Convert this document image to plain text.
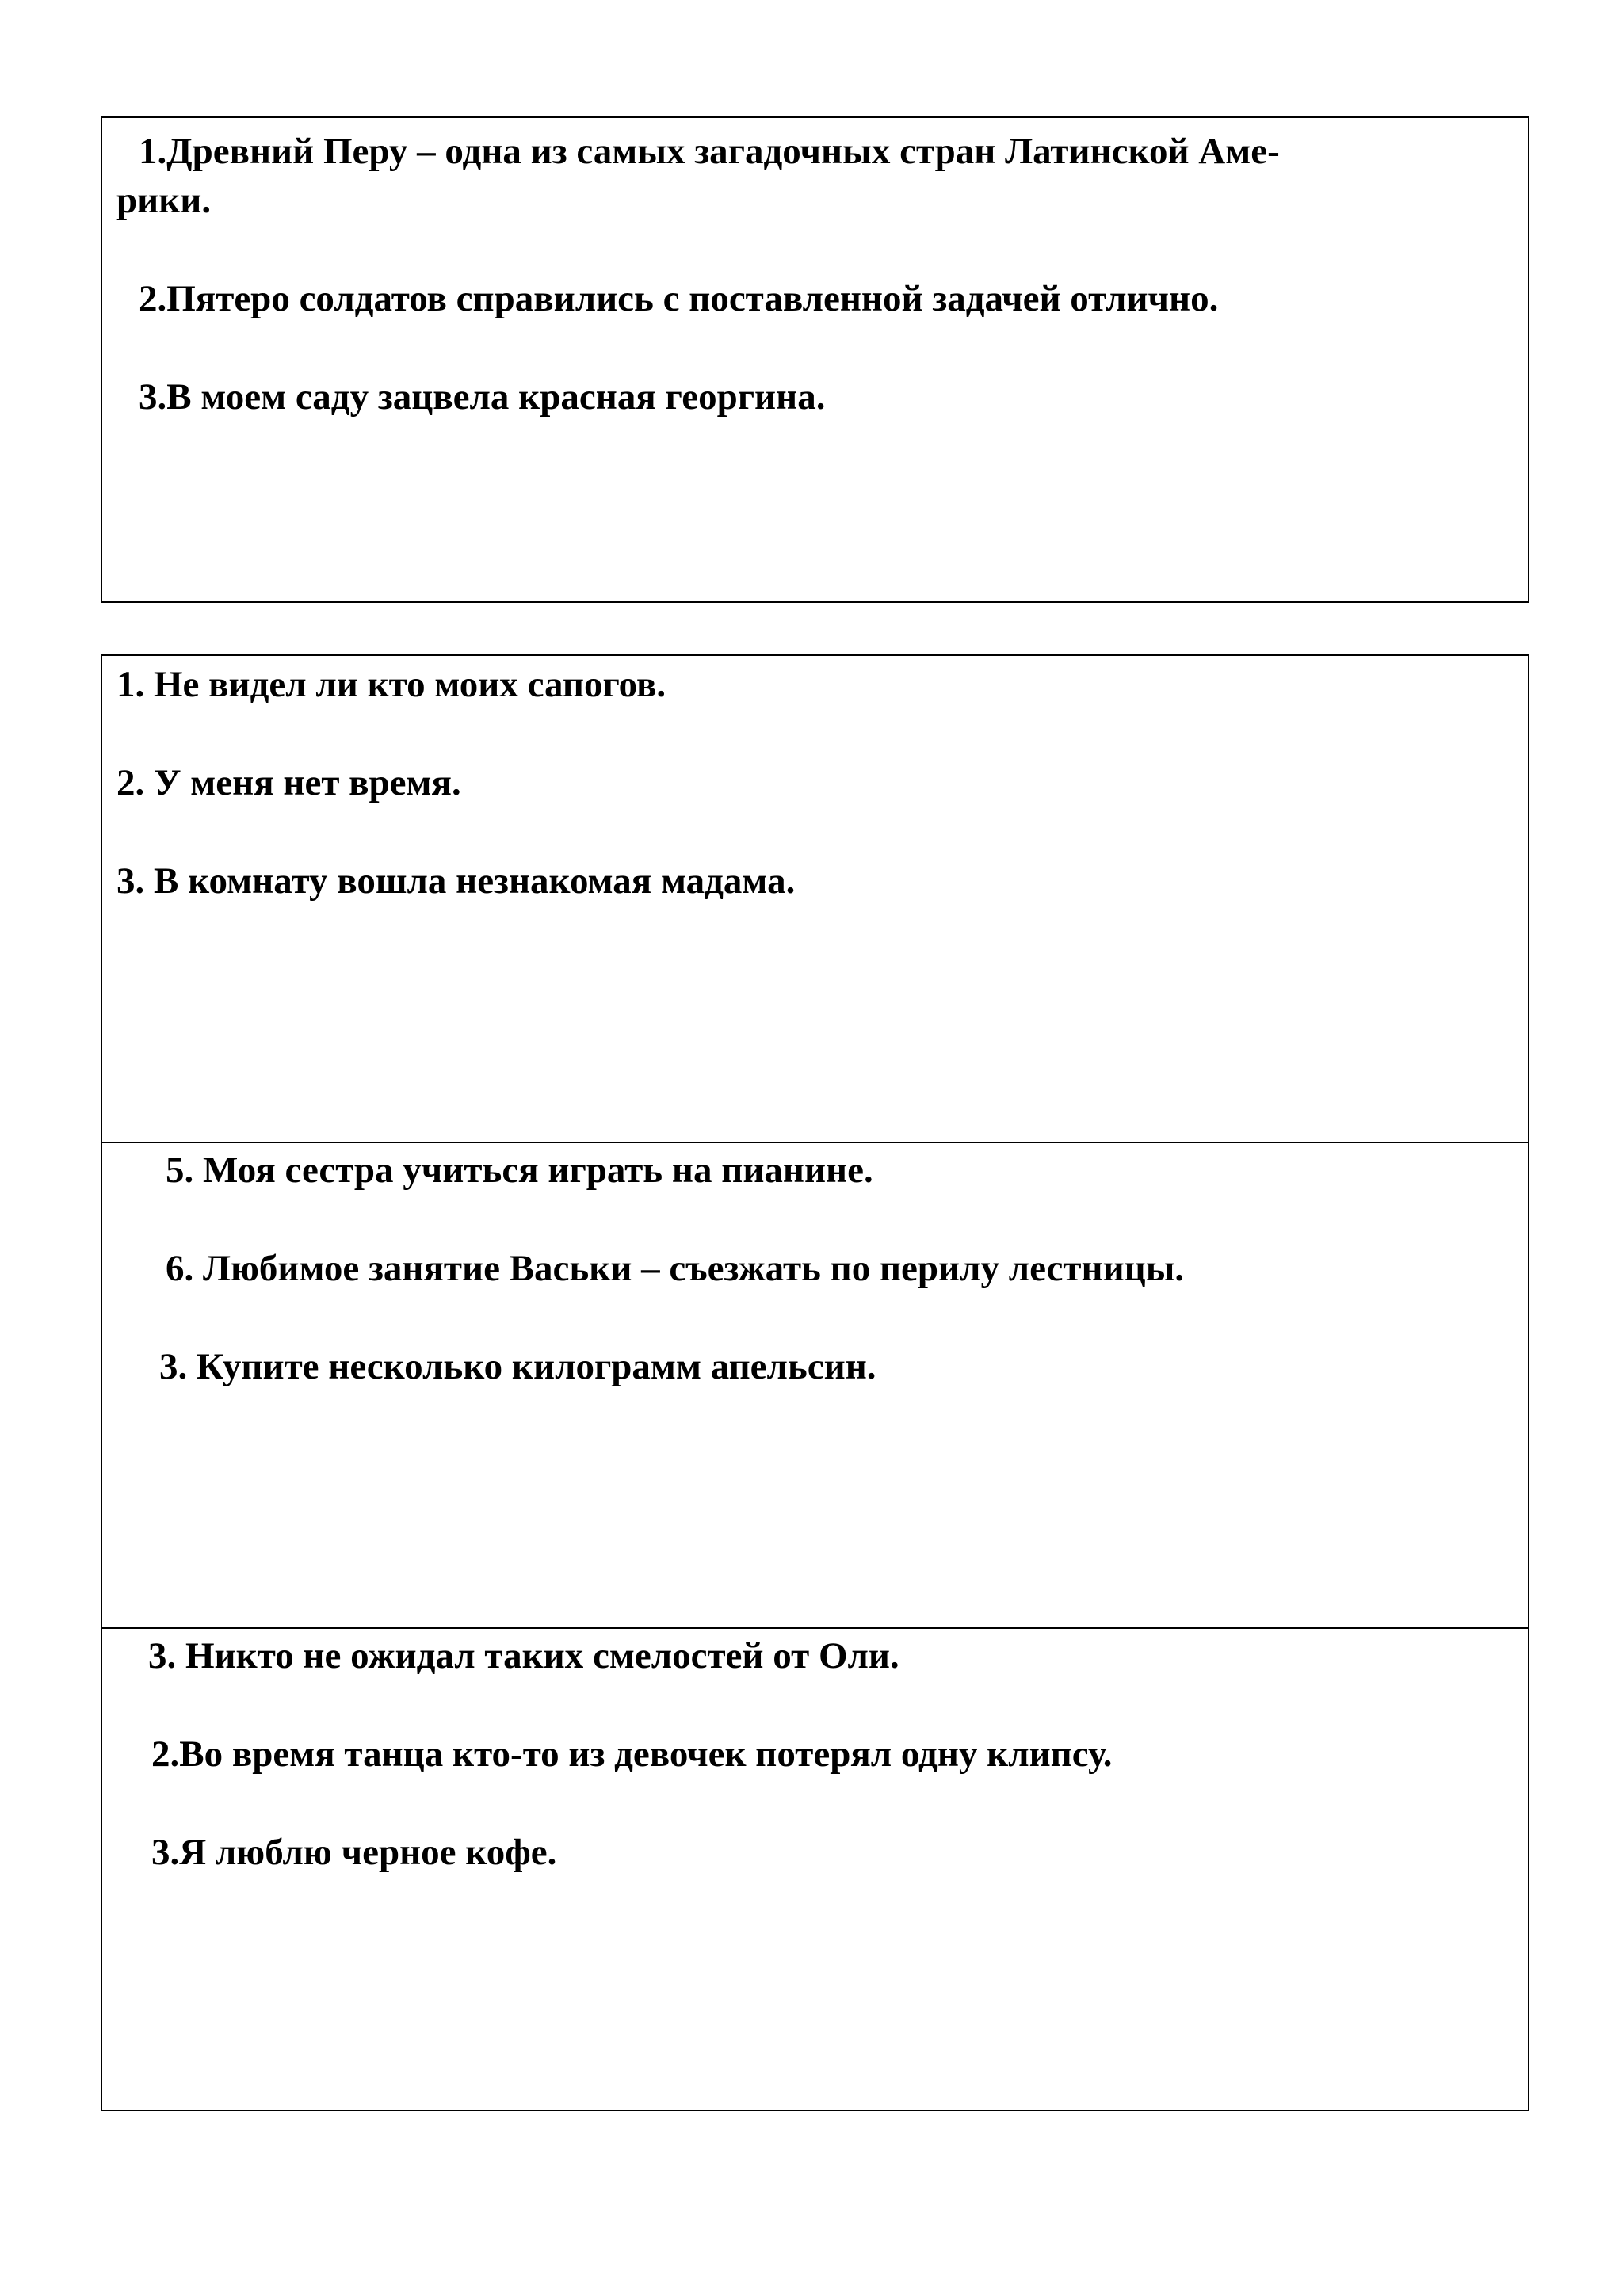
1.Древний Перу – одна из самых загадочных стран Латинской Аме-
рики.
2.Пятеро солдатов справились с поставленной задачей отлично.
3.В моем саду зацвела красная георгина.
1. Не видел ли кто моих сапогов.
2. У меня нет время.
3. В комнату вошла незнакомая мадама.
5. Моя сестра учиться играть на пианине.
6. Любимое занятие Васьки – съезжать по перилу лестницы.
3. Купите несколько килограмм апельсин.
3. Никто не ожидал таких смелостей от Оли.
2.Во время танца кто-то из девочек потерял одну клипсу.
3.Я люблю черное кофе.
